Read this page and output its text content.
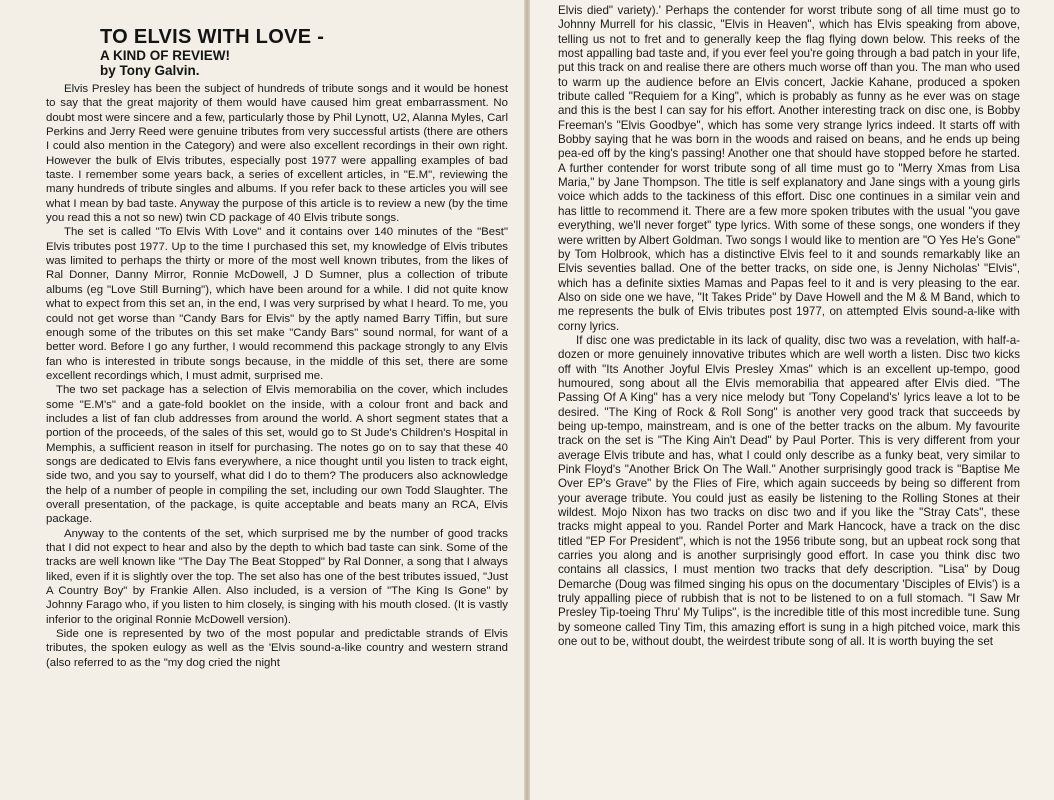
TO ELVIS WITH LOVE -
A KIND OF REVIEW!
by Tony Galvin.

Elvis Presley has been the subject of hundreds of tribute songs and it would be honest to say that the great majority of them would have caused him great embarrassment. No doubt most were sincere and a few, particularly those by Phil Lynott, U2, Alanna Myles, Carl Perkins and Jerry Reed were genuine tributes from very successful artists (there are others I could also mention in the Category) and were also excellent recordings in their own right. However the bulk of Elvis tributes, especially post 1977 were appalling examples of bad taste. I remember some years back, a series of excellent articles, in "E.M", reviewing the many hundreds of tribute singles and albums. If you refer back to these articles you will see what I mean by bad taste. Anyway the purpose of this article is to review a new (by the time you read this a not so new) twin CD package of 40 Elvis tribute songs.

The set is called "To Elvis With Love" and it contains over 140 minutes of the "Best" Elvis tributes post 1977. Up to the time I purchased this set, my knowledge of Elvis tributes was limited to perhaps the thirty or more of the most well known tributes, from the likes of Ral Donner, Danny Mirror, Ronnie McDowell, J D Sumner, plus a collection of tribute albums (eg "Love Still Burning"), which have been around for a while. I did not quite know what to expect from this set an, in the end, I was very surprised by what I heard. To me, you could not get worse than "Candy Bars for Elvis" by the aptly named Barry Tiffin, but sure enough some of the tributes on this set make "Candy Bars" sound normal, for want of a better word. Before I go any further, I would recommend this package strongly to any Elvis fan who is interested in tribute songs because, in the middle of this set, there are some excellent recordings which, I must admit, surprised me.

The two set package has a selection of Elvis memorabilia on the cover, which includes some "E.M's" and a gate-fold booklet on the inside, with a colour front and back and includes a list of fan club addresses from around the world. A short segment states that a portion of the proceeds, of the sales of this set, would go to St Jude's Children's Hospital in Memphis, a sufficient reason in itself for purchasing. The notes go on to say that these 40 songs are dedicated to Elvis fans everywhere, a nice thought until you listen to track eight, side two, and you say to yourself, what did I do to them? The producers also acknowledge the help of a number of people in compiling the set, including our own Todd Slaughter. The overall presentation, of the package, is quite acceptable and beats many an RCA, Elvis package.

Anyway to the contents of the set, which surprised me by the number of good tracks that I did not expect to hear and also by the depth to which bad taste can sink. Some of the tracks are well known like "The Day The Beat Stopped" by Ral Donner, a song that I always liked, even if it is slightly over the top. The set also has one of the best tributes issued, "Just A Country Boy" by Frankie Allen. Also included, is a version of "The King Is Gone" by Johnny Farago who, if you listen to him closely, is singing with his mouth closed. (It is vastly inferior to the original Ronnie McDowell version).

Side one is represented by two of the most popular and predictable strands of Elvis tributes, the spoken eulogy as well as the 'Elvis sound-a-like country and western strand (also referred to as the "my dog cried the night

Elvis died" variety).' Perhaps the contender for worst tribute song of all time must go to Johnny Murrell for his classic, "Elvis in Heaven", which has Elvis speaking from above, telling us not to fret and to generally keep the flag flying down below. This reeks of the most appalling bad taste and, if you ever feel you're going through a bad patch in your life, put this track on and realise there are others much worse off than you. The man who used to warm up the audience before an Elvis concert, Jackie Kahane, produced a spoken tribute called "Requiem for a King", which is probably as funny as he ever was on stage and this is the best I can say for his effort. Another interesting track on disc one, is Bobby Freeman's "Elvis Goodbye", which has some very strange lyrics indeed. It starts off with Bobby saying that he was born in the woods and raised on beans, and he ends up being pea-ed off by the king's passing! Another one that should have stopped before he started. A further contender for worst tribute song of all time must go to "Merry Xmas from Lisa Maria," by Jane Thompson. The title is self explanatory and Jane sings with a young girls voice which adds to the tackiness of this effort. Disc one continues in a similar vein and has little to recommend it. There are a few more spoken tributes with the usual "you gave everything, we'll never forget" type lyrics. With some of these songs, one wonders if they were written by Albert Goldman. Two songs I would like to mention are "O Yes He's Gone" by Tom Holbrook, which has a distinctive Elvis feel to it and sounds remarkably like an Elvis seventies ballad. One of the better tracks, on side one, is Jenny Nicholas' "Elvis", which has a definite sixties Mamas and Papas feel to it and is very pleasing to the ear. Also on side one we have, "It Takes Pride" by Dave Howell and the M & M Band, which to me represents the bulk of Elvis tributes post 1977, on attempted Elvis sound-a-like with corny lyrics.

If disc one was predictable in its lack of quality, disc two was a revelation, with half-a-dozen or more genuinely innovative tributes which are well worth a listen. Disc two kicks off with "Its Another Joyful Elvis Presley Xmas" which is an excellent up-tempo, good humoured, song about all the Elvis memorabilia that appeared after Elvis died. "The Passing Of A King" has a very nice melody but 'Tony Copeland's' lyrics leave a lot to be desired. "The King of Rock & Roll Song" is another very good track that succeeds by being up-tempo, mainstream, and is one of the better tracks on the album. My favourite track on the set is "The King Ain't Dead" by Paul Porter. This is very different from your average Elvis tribute and has, what I could only describe as a funky beat, very similar to Pink Floyd's "Another Brick On The Wall." Another surprisingly good track is "Baptise Me Over EP's Grave" by the Flies of Fire, which again succeeds by being so different from your average tribute. You could just as easily be listening to the Rolling Stones at their wildest. Mojo Nixon has two tracks on disc two and if you like the "Stray Cats", these tracks might appeal to you. Randel Porter and Mark Hancock, have a track on the disc titled "EP For President", which is not the 1956 tribute song, but an upbeat rock song that carries you along and is another surprisingly good effort. In case you think disc two contains all classics, I must mention two tracks that defy description. "Lisa" by Doug Demarche (Doug was filmed singing his opus on the documentary 'Disciples of Elvis') is a truly appalling piece of rubbish that is not to be listened to on a full stomach. "I Saw Mr Presley Tip-toeing Thru' My Tulips", is the incredible title of this most incredible tune. Sung by someone called Tiny Tim, this amazing effort is sung in a high pitched voice, mark this one out to be, without doubt, the weirdest tribute song of all. It is worth buying the set
